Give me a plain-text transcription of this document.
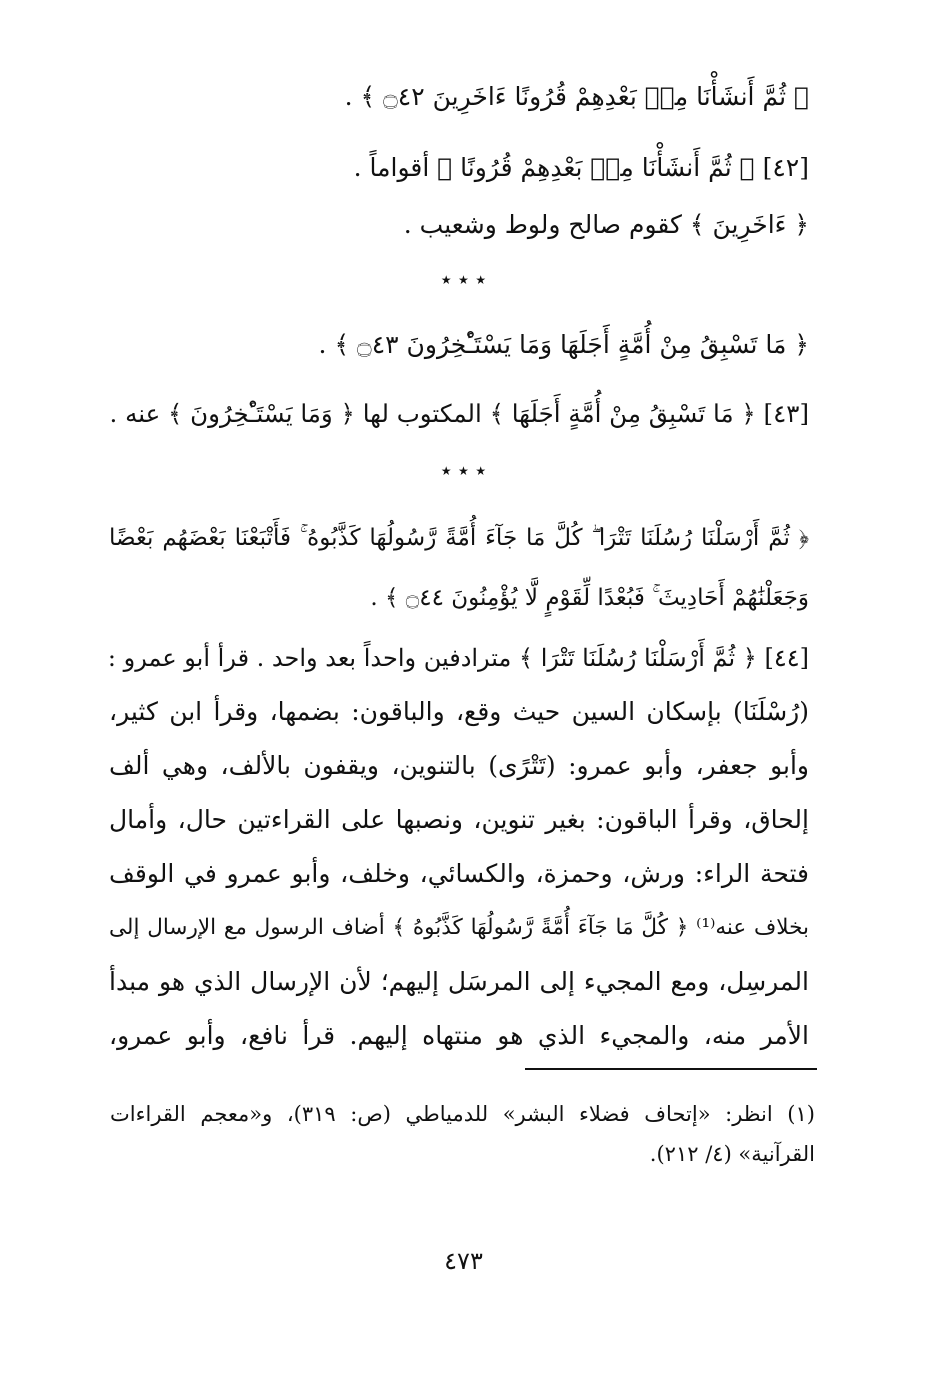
﴿ ثُمَّ أَنشَأْنَا مِنۢ بَعْدِهِمْ قُرُونًا ءَاخَرِينَ ۝٤٢ ﴾ .
[٤٢] ﴿ ثُمَّ أَنشَأْنَا مِنۢ بَعْدِهِمْ قُرُونًا ﴾ أقواماً .
﴿ ءَاخَرِينَ ﴾ كقوم صالح ولوط وشعيب .
٭ ٭ ٭
﴿ مَا تَسْبِقُ مِنْ أُمَّةٍ أَجَلَهَا وَمَا يَسْتَـْٔخِرُونَ ۝٤٣ ﴾ .
[٤٣] ﴿ مَا تَسْبِقُ مِنْ أُمَّةٍ أَجَلَهَا ﴾ المكتوب لها ﴿ وَمَا يَسْتَـْٔخِرُونَ ﴾ عنه .
٭ ٭ ٭
﴿ ثُمَّ أَرْسَلْنَا رُسُلَنَا تَتْرَا ۖ كُلَّ مَا جَآءَ أُمَّةً رَّسُولُهَا كَذَّبُوهُ ۚ فَأَتْبَعْنَا بَعْضَهُم بَعْضًا
وَجَعَلْنَٰهُمْ أَحَادِيثَ ۚ فَبُعْدًا لِّقَوْمٍ لَّا يُؤْمِنُونَ ۝٤٤ ﴾ .
[٤٤] ﴿ ثُمَّ أَرْسَلْنَا رُسُلَنَا تَتْرَا ﴾ مترادفين واحداً بعد واحد . قرأ أبو عمرو :
(رُسْلَنَا) بإسكان السين حيث وقع، والباقون: بضمها، وقرأ ابن كثير،
وأبو جعفر، وأبو عمرو: (تَتْرًى) بالتنوين، ويقفون بالألف، وهي ألف
إلحاق، وقرأ الباقون: بغير تنوين، ونصبها على القراءتين حال، وأمال
فتحة الراء: ورش، وحمزة، والكسائي، وخلف، وأبو عمرو في الوقف
بخلاف عنه⁽¹⁾ ﴿ كُلَّ مَا جَآءَ أُمَّةً رَّسُولُهَا كَذَّبُوهُ ﴾ أضاف الرسول مع الإرسال إلى
المرسِل، ومع المجيء إلى المرسَل إليهم؛ لأن الإرسال الذي هو مبدأ
الأمر منه، والمجيء الذي هو منتهاه إليهم. قرأ نافع، وأبو عمرو،
(١) انظر: «إتحاف فضلاء البشر» للدمياطي (ص: ٣١٩)، و«معجم القراءات
القرآنية» (٤/ ٢١٢).
٤٧٣
